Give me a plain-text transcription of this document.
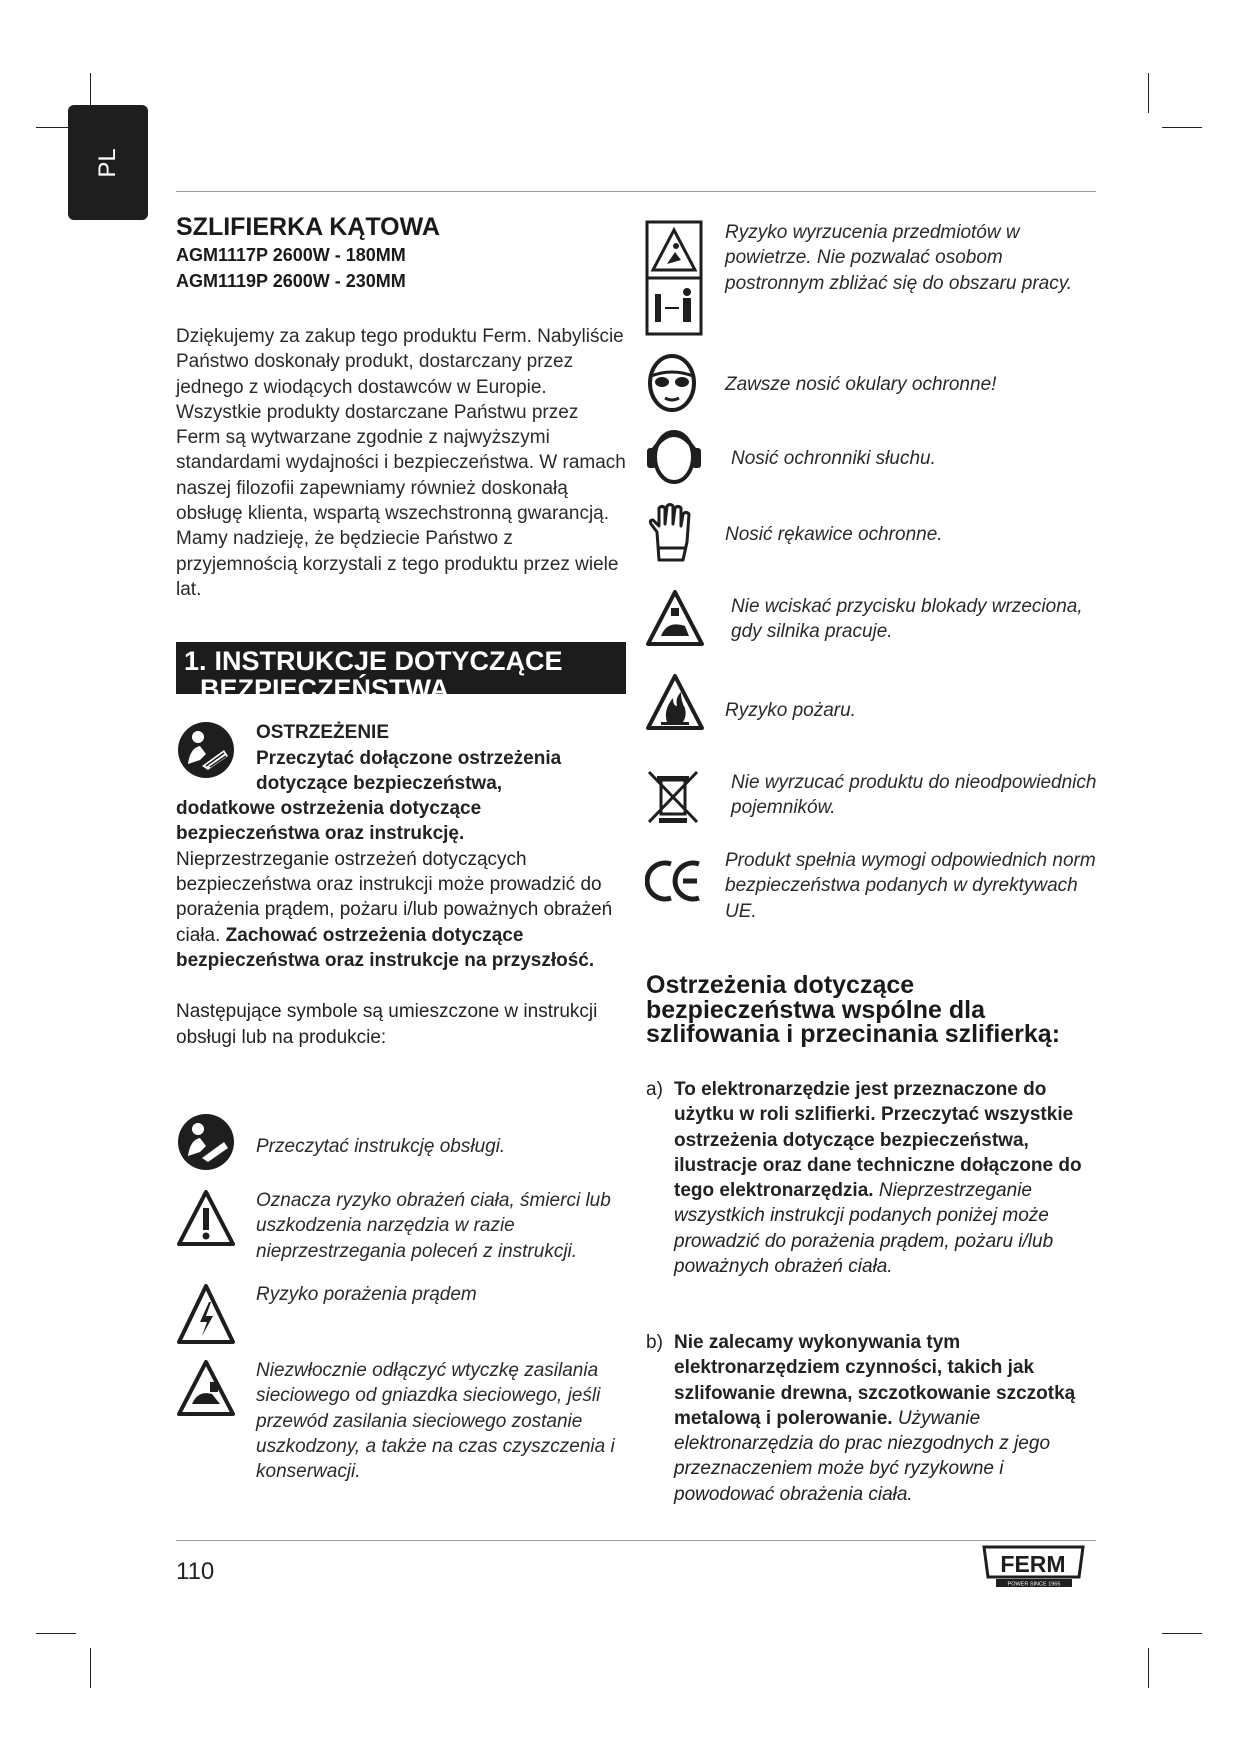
PL
SZLIFIERKA KĄTOWA
AGM1117P 2600W - 180MM
AGM1119P 2600W - 230MM
Dziękujemy za zakup tego produktu Ferm. Nabyliście Państwo doskonały produkt, dostarczany przez jednego z wiodących dostawców w Europie. Wszystkie produkty dostarczane Państwu przez Ferm są wytwarzane zgodnie z najwyższymi standardami wydajności i bezpieczeństwa. W ramach naszej filozofii zapewniamy również doskonałą obsługę klienta, wspartą wszechstronną gwarancją. Mamy nadzieję, że będziecie Państwo z przyjemnością korzystali z tego produktu przez wiele lat.
1. INSTRUKCJE DOTYCZĄCE
BEZPIECZEŃSTWA
OSTRZEŻENIE
Przeczytać dołączone ostrzeżenia
dotyczące bezpieczeństwa,
dodatkowe ostrzeżenia dotyczące bezpieczeństwa oraz instrukcję.
Nieprzestrzeganie ostrzeżeń dotyczących bezpieczeństwa oraz instrukcji może prowadzić do porażenia prądem, pożaru i/lub poważnych obrażeń ciała. Zachować ostrzeżenia dotyczące bezpieczeństwa oraz instrukcje na przyszłość.
Następujące symbole są umieszczone w instrukcji obsługi lub na produkcie:
Przeczytać instrukcję obsługi.
Oznacza ryzyko obrażeń ciała, śmierci lub uszkodzenia narzędzia w razie nieprzestrzegania poleceń z instrukcji.
Ryzyko porażenia prądem
Niezwłocznie odłączyć wtyczkę zasilania sieciowego od gniazdka sieciowego, jeśli przewód zasilania sieciowego zostanie uszkodzony, a także na czas czyszczenia i konserwacji.
Ryzyko wyrzucenia przedmiotów w powietrze. Nie pozwalać osobom postronnym zbliżać się do obszaru pracy.
Zawsze nosić okulary ochronne!
Nosić ochronniki słuchu.
Nosić rękawice ochronne.
Nie wciskać przycisku blokady wrzeciona, gdy silnika pracuje.
Ryzyko pożaru.
Nie wyrzucać produktu do nieodpowiednich pojemników.
Produkt spełnia wymogi odpowiednich norm bezpieczeństwa podanych w dyrektywach UE.
Ostrzeżenia dotyczące bezpieczeństwa wspólne dla szlifowania i przecinania szlifierką:
a) To elektronarzędzie jest przeznaczone do użytku w roli szlifierki. Przeczytać wszystkie ostrzeżenia dotyczące bezpieczeństwa, ilustracje oraz dane techniczne dołączone do tego elektronarzędzia. Nieprzestrzeganie wszystkich instrukcji podanych poniżej może prowadzić do porażenia prądem, pożaru i/lub poważnych obrażeń ciała.
b) Nie zalecamy wykonywania tym elektronarzędziem czynności, takich jak szlifowanie drewna, szczotkowanie szczotką metalową i polerowanie. Używanie elektronarzędzia do prac niezgodnych z jego przeznaczeniem może być ryzykowne i powodować obrażenia ciała.
110	FERM
POWER SINCE 1965
